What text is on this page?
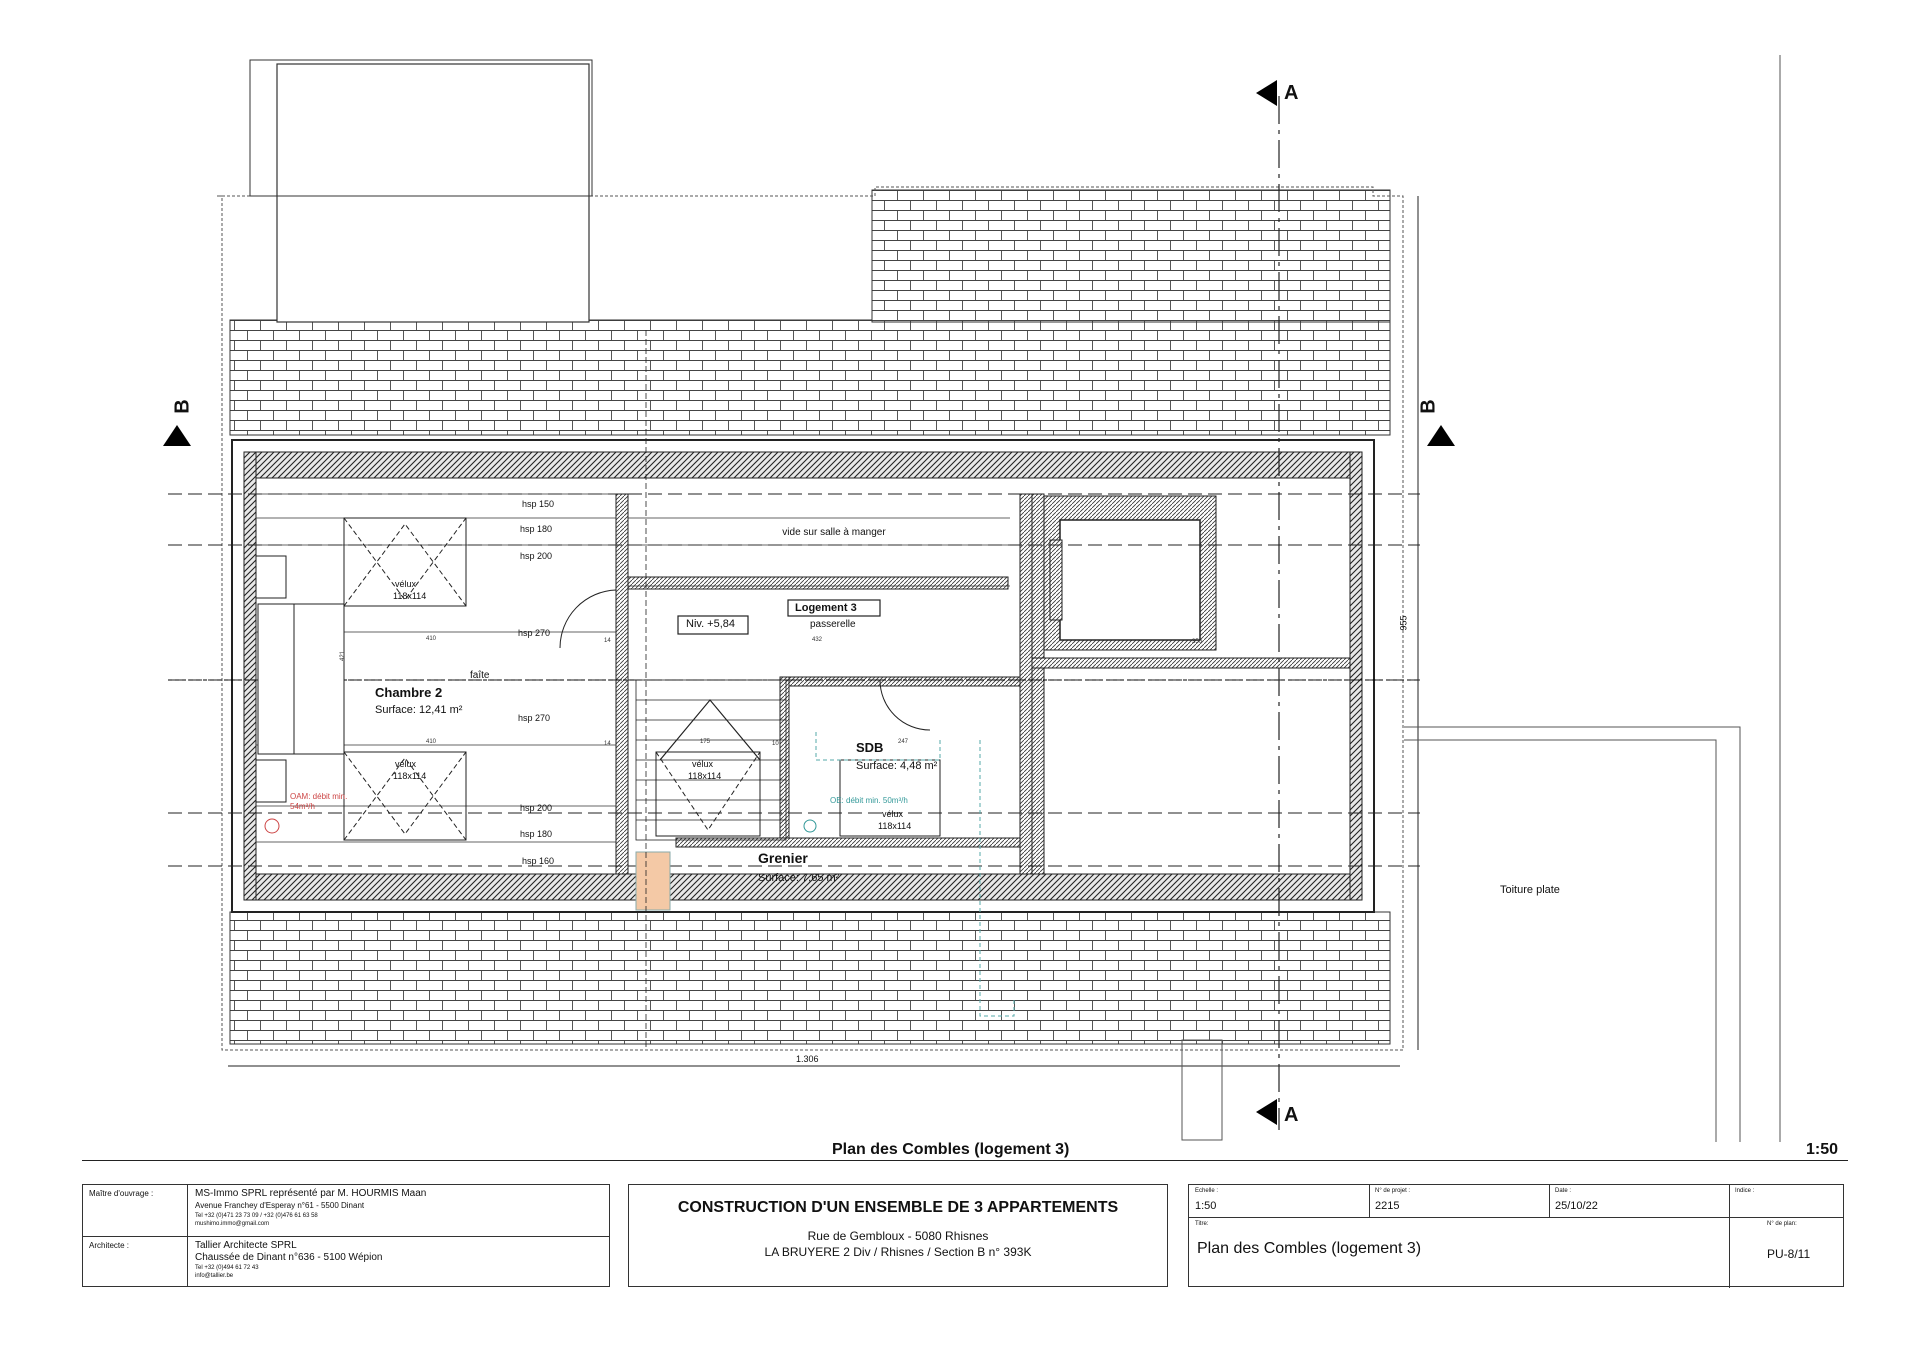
A
A
B	B
Chambre 2
Surface: 12,41 m²
SDB
Surface: 4,48 m²
Grenier
Surface: 7,65 m²
Logement 3
passerelle
Niv. +5,84
vide sur salle à manger
faîte
Toiture plate
hsp 150
hsp 180
hsp 200
hsp 270
hsp 270
hsp 200
hsp 180
hsp 160
vélux
118x114
vélux
118x114
vélux
118x114
vélux
118x114
OAM: débit min. 54m³/h
OE: débit min. 50m³/h
1.306
955
410
410
421
432
175	247
350
14
14	10
Plan des Combles (logement 3)	1:50
Maître d'ouvrage :	MS-Immo SPRL représenté par M. HOURMIS Maan
Avenue Franchey d'Esperay n°61 - 5500 Dinant
Tel +32 (0)471 23 73 09 / +32 (0)476 61 63 58
mushimo.immo@gmail.com
Architecte :	Tallier Architecte SPRL
Chaussée de Dinant n°636 - 5100 Wépion
Tel +32 (0)494 61 72 43
info@tallier.be
CONSTRUCTION D'UN ENSEMBLE DE 3 APPARTEMENTS
Rue de Gembloux - 5080 Rhisnes
LA BRUYERE 2 Div / Rhisnes / Section B n° 393K
Echelle :
1:50
N° de projet :
2215
Date :
25/10/22
Indice :
Titre:
Plan des Combles (logement 3)
N° de plan:
PU-8/11
